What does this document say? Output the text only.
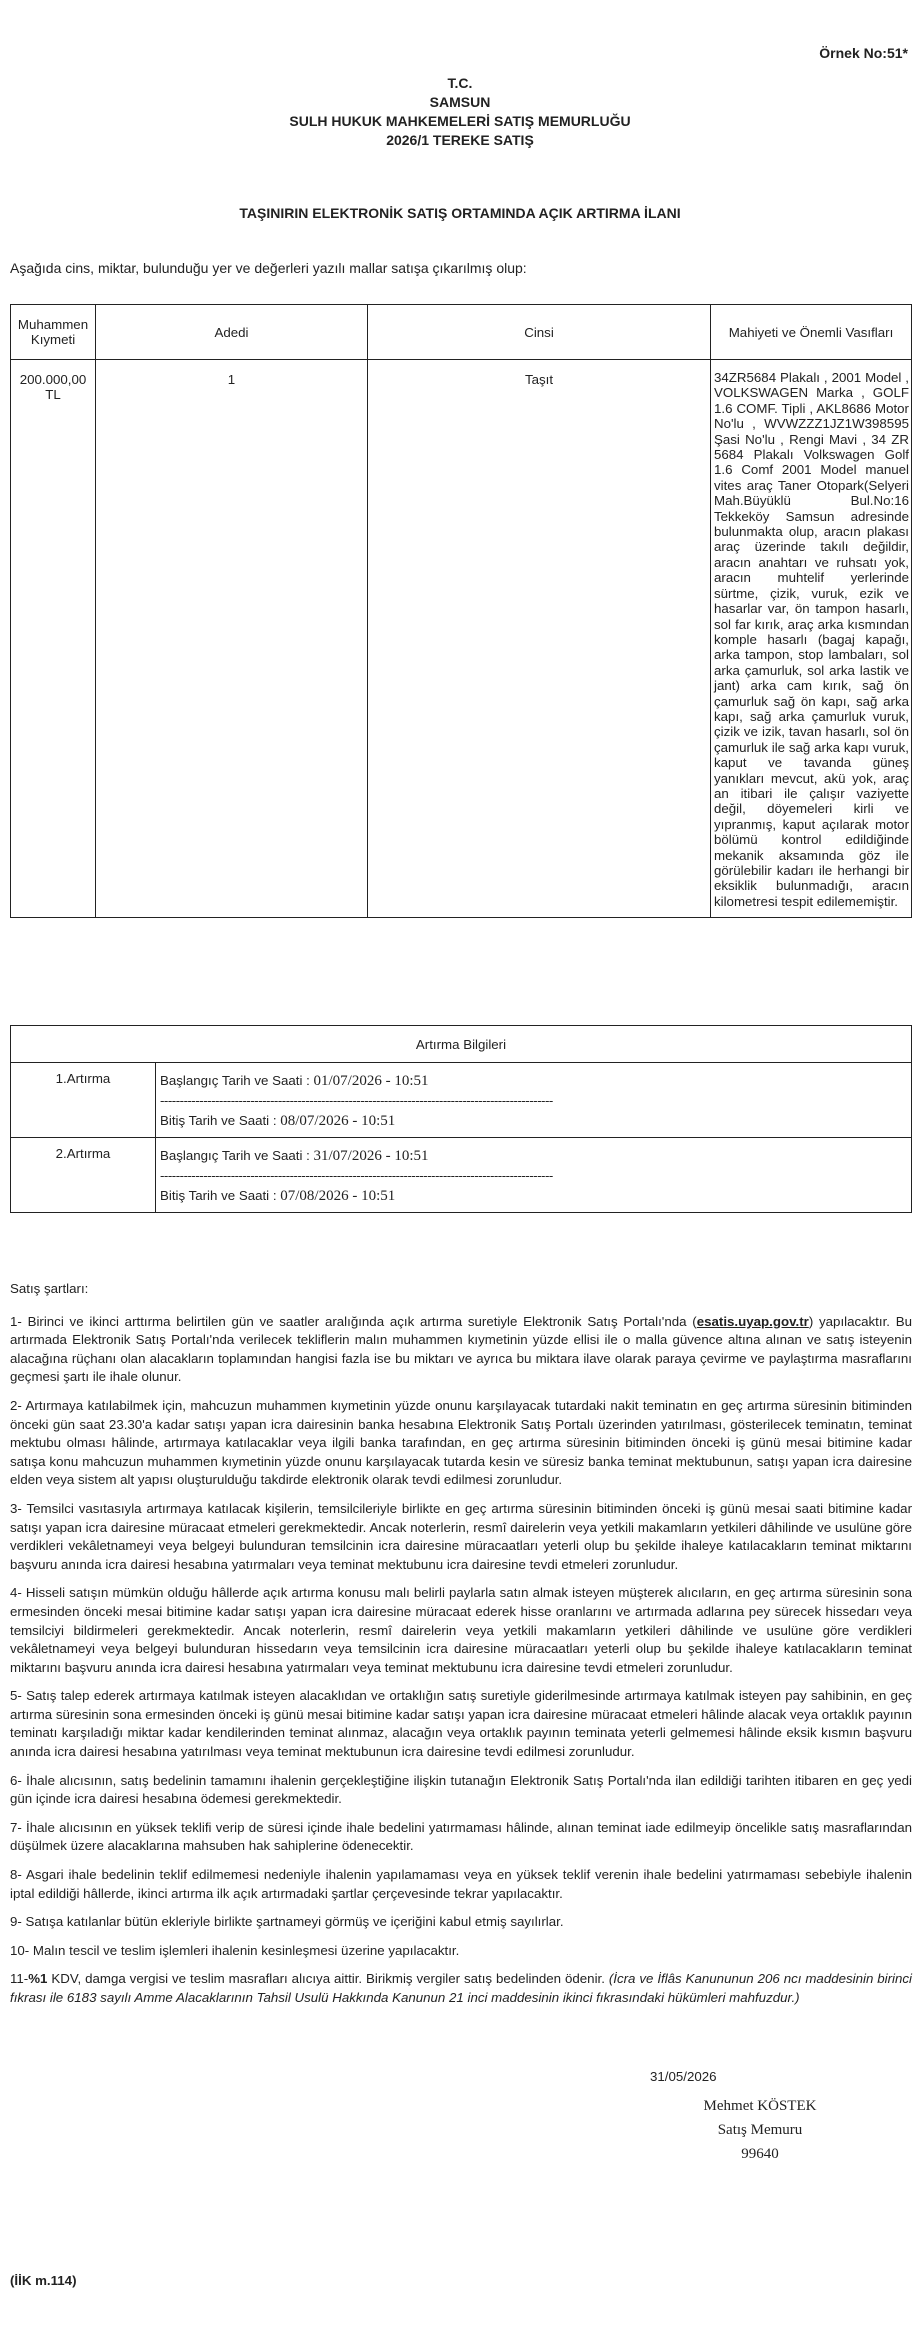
Örnek No:51*
T.C.
SAMSUN
SULH HUKUK MAHKEMELERİ SATIŞ MEMURLUĞU
2026/1 TEREKE SATIŞ
TAŞINIRIN ELEKTRONİK SATIŞ ORTAMINDA AÇIK ARTIRMA İLANI
Aşağıda cins, miktar, bulunduğu yer ve değerleri yazılı mallar satışa çıkarılmış olup:
Muhammen Kıymeti	Adedi	Cinsi	Mahiyeti ve Önemli Vasıfları
200.000,00 TL	1	Taşıt	34ZR5684 Plakalı , 2001 Model , VOLKSWAGEN Marka , GOLF 1.6 COMF. Tipli , AKL8686 Motor No'lu , WVWZZZ1JZ1W398595 Şasi No'lu , Rengi Mavi , 34 ZR 5684 Plakalı Volkswagen Golf 1.6 Comf 2001 Model manuel vites araç Taner Otopark(Selyeri Mah.Büyüklü Bul.No:16 Tekkeköy Samsun adresinde bulunmakta olup, aracın plakası araç üzerinde takılı değildir, aracın anahtarı ve ruhsatı yok, aracın muhtelif yerlerinde sürtme, çizik, vuruk, ezik ve hasarlar var, ön tampon hasarlı, sol far kırık, araç arka kısmından komple hasarlı (bagaj kapağı, arka tampon, stop lambaları, sol arka çamurluk, sol arka lastik ve jant) arka cam kırık, sağ ön çamurluk sağ ön kapı, sağ arka kapı, sağ arka çamurluk vuruk, çizik ve izik, tavan hasarlı, sol ön çamurluk ile sağ arka kapı vuruk, kaput ve tavanda güneş yanıkları mevcut, akü yok, araç an itibari ile çalışır vaziyette değil, döyemeleri kirli ve yıpranmış, kaput açılarak motor bölümü kontrol edildiğinde mekanik aksamında göz ile görülebilir kadarı ile herhangi bir eksiklik bulunmadığı, aracın kilometresi tespit edilememiştir.
Artırma Bilgileri	
1.Artırma	Başlangıç Tarih ve Saati : 01/07/2026 - 10:51
----------------------------------------------------------------------------------------------------
Bitiş Tarih ve Saati : 08/07/2026 - 10:51

2.Artırma	Başlangıç Tarih ve Saati : 31/07/2026 - 10:51
----------------------------------------------------------------------------------------------------
Bitiş Tarih ve Saati : 07/08/2026 - 10:51

Satış şartları:

1- Birinci ve ikinci arttırma belirtilen gün ve saatler aralığında açık artırma suretiyle Elektronik Satış Portalı'nda (esatis.uyap.gov.tr) yapılacaktır. Bu artırmada Elektronik Satış Portalı'nda verilecek tekliflerin malın muhammen kıymetinin yüzde ellisi ile o malla güvence altına alınan ve satış isteyenin alacağına rüçhanı olan alacakların toplamından hangisi fazla ise bu miktarı ve ayrıca bu miktara ilave olarak paraya çevirme ve paylaştırma masraflarını geçmesi şartı ile ihale olunur.

2- Artırmaya katılabilmek için, mahcuzun muhammen kıymetinin yüzde onunu karşılayacak tutardaki nakit teminatın en geç artırma süresinin bitiminden önceki gün saat 23.30'a kadar satışı yapan icra dairesinin banka hesabına Elektronik Satış Portalı üzerinden yatırılması, gösterilecek teminatın, teminat mektubu olması hâlinde, artırmaya katılacaklar veya ilgili banka tarafından, en geç artırma süresinin bitiminden önceki iş günü mesai bitimine kadar satışa konu mahcuzun muhammen kıymetinin yüzde onunu karşılayacak tutarda kesin ve süresiz banka teminat mektubunun, satışı yapan icra dairesine elden veya sistem alt yapısı oluşturulduğu takdirde elektronik olarak tevdi edilmesi zorunludur.

3- Temsilci vasıtasıyla artırmaya katılacak kişilerin, temsilcileriyle birlikte en geç artırma süresinin bitiminden önceki iş günü mesai saati bitimine kadar satışı yapan icra dairesine müracaat etmeleri gerekmektedir. Ancak noterlerin, resmî dairelerin veya yetkili makamların yetkileri dâhilinde ve usulüne göre verdikleri vekâletnameyi veya belgeyi bulunduran temsilcinin icra dairesine müracaatları yeterli olup bu şekilde ihaleye katılacakların teminat miktarını başvuru anında icra dairesi hesabına yatırmaları veya teminat mektubunu icra dairesine tevdi etmeleri zorunludur.

4- Hisseli satışın mümkün olduğu hâllerde açık artırma konusu malı belirli paylarla satın almak isteyen müşterek alıcıların, en geç artırma süresinin sona ermesinden önceki mesai bitimine kadar satışı yapan icra dairesine müracaat ederek hisse oranlarını ve artırmada adlarına pey sürecek hissedarı veya temsilciyi bildirmeleri gerekmektedir. Ancak noterlerin, resmî dairelerin veya yetkili makamların yetkileri dâhilinde ve usulüne göre verdikleri vekâletnameyi veya belgeyi bulunduran hissedarın veya temsilcinin icra dairesine müracaatları yeterli olup bu şekilde ihaleye katılacakların teminat miktarını başvuru anında icra dairesi hesabına yatırmaları veya teminat mektubunu icra dairesine tevdi etmeleri zorunludur.

5- Satış talep ederek artırmaya katılmak isteyen alacaklıdan ve ortaklığın satış suretiyle giderilmesinde artırmaya katılmak isteyen pay sahibinin, en geç artırma süresinin sona ermesinden önceki iş günü mesai bitimine kadar satışı yapan icra dairesine müracaat etmeleri hâlinde alacak veya ortaklık payının teminatı karşıladığı miktar kadar kendilerinden teminat alınmaz, alacağın veya ortaklık payının teminata yeterli gelmemesi hâlinde eksik kısmın başvuru anında icra dairesi hesabına yatırılması veya teminat mektubunun icra dairesine tevdi edilmesi zorunludur.

6- İhale alıcısının, satış bedelinin tamamını ihalenin gerçekleştiğine ilişkin tutanağın Elektronik Satış Portalı'nda ilan edildiği tarihten itibaren en geç yedi gün içinde icra dairesi hesabına ödemesi gerekmektedir.

7- İhale alıcısının en yüksek teklifi verip de süresi içinde ihale bedelini yatırmaması hâlinde, alınan teminat iade edilmeyip öncelikle satış masraflarından düşülmek üzere alacaklarına mahsuben hak sahiplerine ödenecektir.

8- Asgari ihale bedelinin teklif edilmemesi nedeniyle ihalenin yapılamaması veya en yüksek teklif verenin ihale bedelini yatırmaması sebebiyle ihalenin iptal edildiği hâllerde, ikinci artırma ilk açık artırmadaki şartlar çerçevesinde tekrar yapılacaktır.

9- Satışa katılanlar bütün ekleriyle birlikte şartnameyi görmüş ve içeriğini kabul etmiş sayılırlar.

10- Malın tescil ve teslim işlemleri ihalenin kesinleşmesi üzerine yapılacaktır.

11-%1 KDV, damga vergisi ve teslim masrafları alıcıya aittir. Birikmiş vergiler satış bedelinden ödenir. (İcra ve İflâs Kanununun 206 ncı maddesinin birinci fıkrası ile 6183 sayılı Amme Alacaklarının Tahsil Usulü Hakkında Kanunun 21 inci maddesinin ikinci fıkrasındaki hükümleri mahfuzdur.)

31/05/2026
Mehmet KÖSTEK
Satış Memuru
99640
(İİK m.114)
